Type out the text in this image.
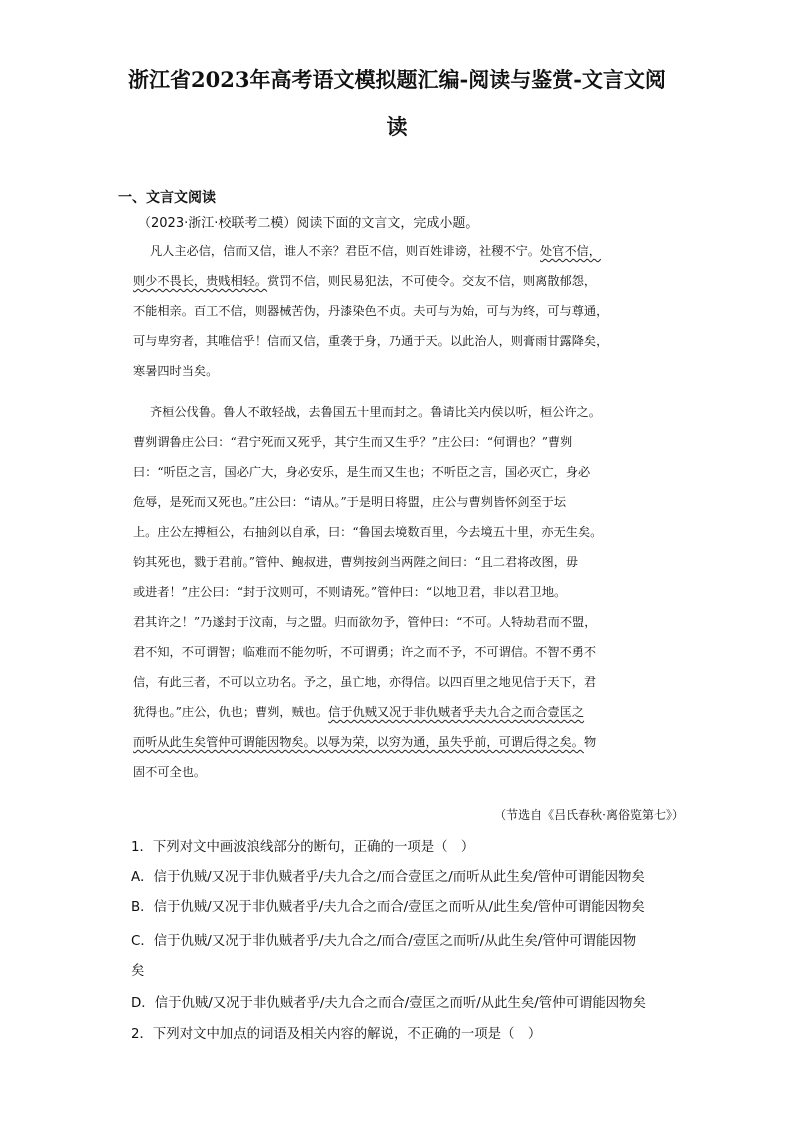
浙江省2023年高考语文模拟题汇编-阅读与鉴赏-文言文阅
读
一、文言文阅读
（2023·浙江·校联考二模）阅读下面的文言文，完成小题。
凡人主必信，信而又信，谁人不亲？君臣不信，则百姓诽谤，社稷不宁。处官不信，
则少不畏长，贵贱相轻。赏罚不信，则民易犯法，不可使令。交友不信，则离散郁怨，
不能相亲。百工不信，则器械苦伪，丹漆染色不贞。夫可与为始，可与为终，可与尊通，
可与卑穷者，其唯信乎！信而又信，重袭于身，乃通于天。以此治人，则膏雨甘露降矣，
寒暑四时当矣。
齐桓公伐鲁。鲁人不敢轻战，去鲁国五十里而封之。鲁请比关内侯以听，桓公许之。
曹刿谓鲁庄公曰：“君宁死而又死乎，其宁生而又生乎？”庄公曰：“何谓也？”曹刿
曰：“听臣之言，国必广大，身必安乐，是生而又生也；不听臣之言，国必灭亡，身必
危辱，是死而又死也。”庄公曰：“请从。”于是明日将盟，庄公与曹刿皆怀剑至于坛
上。庄公左搏桓公，右抽剑以自承，曰：“鲁国去境数百里，今去境五十里，亦无生矣。
钧其死也，戮于君前。”管仲、鲍叔进，曹刿按剑当两陛之间曰：“且二君将改图，毋
或进者！”庄公曰：“封于汶则可，不则请死。”管仲曰：“以地卫君，非以君卫地。
君其许之！”乃遂封于汶南，与之盟。归而欲勿予，管仲曰：“不可。人特劫君而不盟，
君不知，不可谓智；临难而不能勿听，不可谓勇；许之而不予，不可谓信。不智不勇不
信，有此三者，不可以立功名。予之，虽亡地，亦得信。以四百里之地见信于天下，君
犹得也。”庄公，仇也；曹刿，贼也。信于仇贼又况于非仇贼者乎夫九合之而合壹匡之
而听从此生矣管仲可谓能因物矣。以辱为荣，以穷为通，虽失乎前，可谓后得之矣。物
固不可全也。
（节选自《吕氏春秋·离俗览第七》）
1．下列对文中画波浪线部分的断句，正确的一项是（　）
A．信于仇贼/又况于非仇贼者乎/夫九合之/而合壹匡之/而听从此生矣/管仲可谓能因物矣
B．信于仇贼/又况于非仇贼者乎/夫九合之而合/壹匡之而听从/此生矣/管仲可谓能因物矣
C．信于仇贼/又况于非仇贼者乎/夫九合之/而合/壹匡之而听/从此生矣/管仲可谓能因物
矣
D．信于仇贼/又况于非仇贼者乎/夫九合之而合/壹匡之而听/从此生矣/管仲可谓能因物矣
2．下列对文中加点的词语及相关内容的解说，不正确的一项是（　）
